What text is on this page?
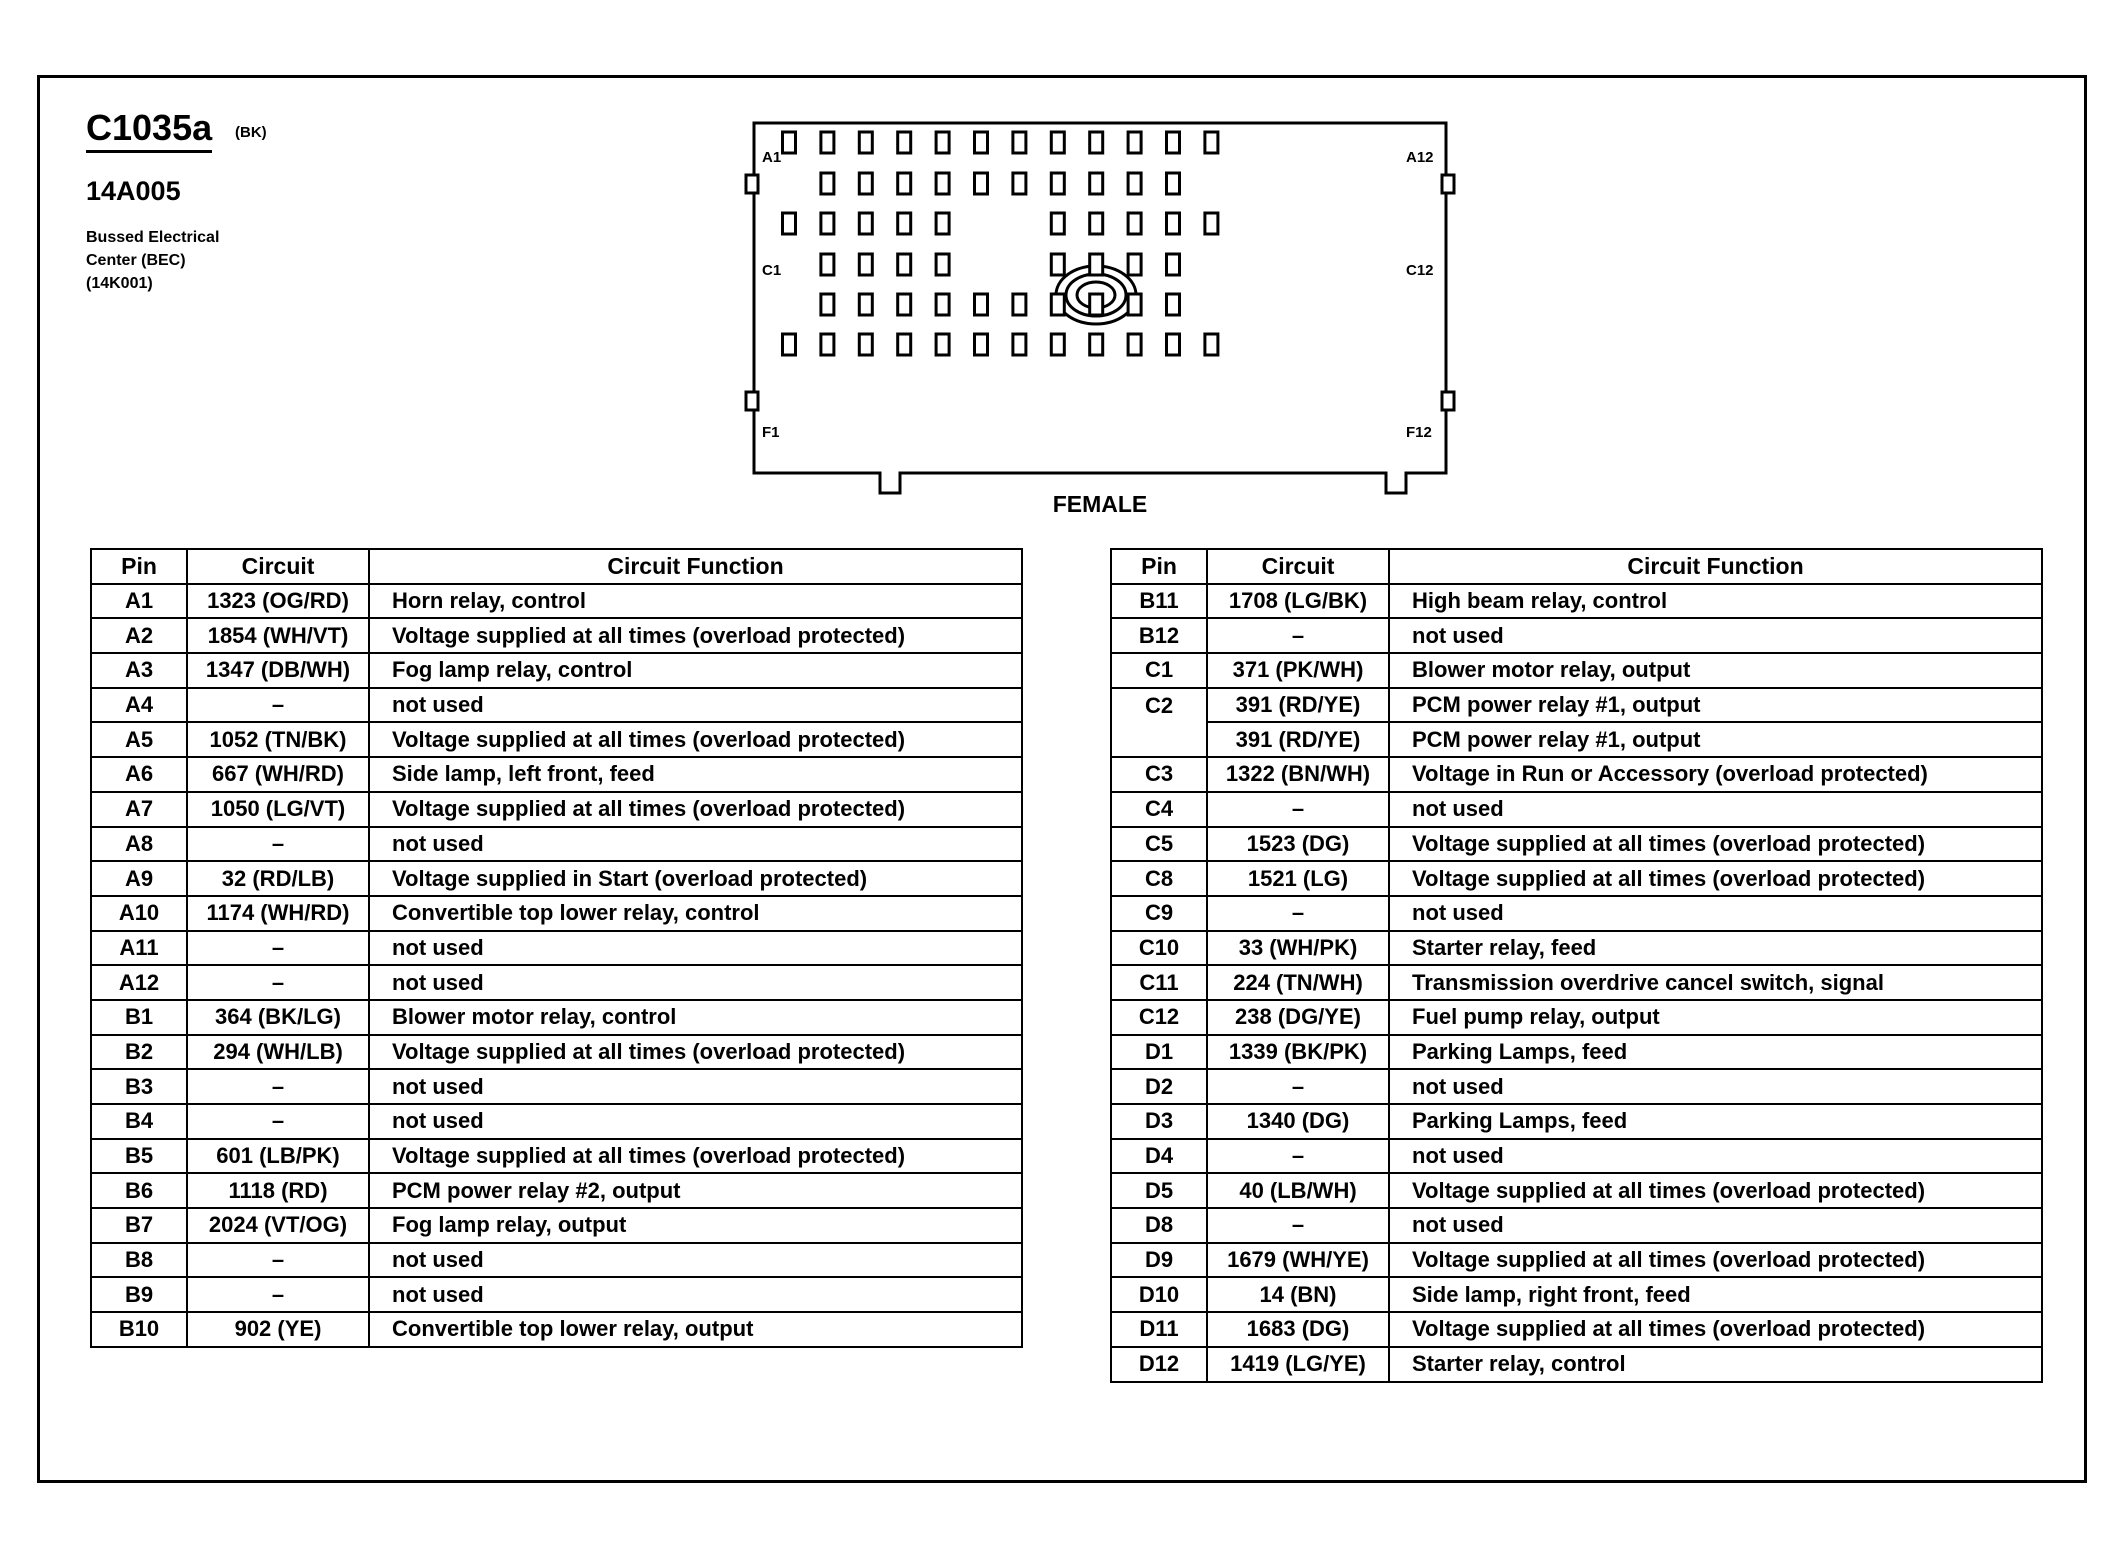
C1035a (BK)
14A005
Bussed Electrical
Center (BEC)
(14K001)
A1	A12
C1	C12
F1	F12
FEMALE
Pin	Circuit	Circuit Function
A1	1323 (OG/RD)	Horn relay, control
A2	1854 (WH/VT)	Voltage supplied at all times (overload protected)
A3	1347 (DB/WH)	Fog lamp relay, control
A4	–	not used
A5	1052 (TN/BK)	Voltage supplied at all times (overload protected)
A6	667 (WH/RD)	Side lamp, left front, feed
A7	1050 (LG/VT)	Voltage supplied at all times (overload protected)
A8	–	not used
A9	32 (RD/LB)	Voltage supplied in Start (overload protected)
A10	1174 (WH/RD)	Convertible top lower relay, control
A11	–	not used
A12	–	not used
B1	364 (BK/LG)	Blower motor relay, control
B2	294 (WH/LB)	Voltage supplied at all times (overload protected)
B3	–	not used
B4	–	not used
B5	601 (LB/PK)	Voltage supplied at all times (overload protected)
B6	1118 (RD)	PCM power relay #2, output
B7	2024 (VT/OG)	Fog lamp relay, output
B8	–	not used
B9	–	not used
B10	902 (YE)	Convertible top lower relay, output
Pin	Circuit	Circuit Function
B11	1708 (LG/BK)	High beam relay, control
B12	–	not used
C1	371 (PK/WH)	Blower motor relay, output
C2	391 (RD/YE)	PCM power relay #1, output
	391 (RD/YE)	PCM power relay #1, output
C3	1322 (BN/WH)	Voltage in Run or Accessory (overload protected)
C4	–	not used
C5	1523 (DG)	Voltage supplied at all times (overload protected)
C8	1521 (LG)	Voltage supplied at all times (overload protected)
C9	–	not used
C10	33 (WH/PK)	Starter relay, feed
C11	224 (TN/WH)	Transmission overdrive cancel switch, signal
C12	238 (DG/YE)	Fuel pump relay, output
D1	1339 (BK/PK)	Parking Lamps, feed
D2	–	not used
D3	1340 (DG)	Parking Lamps, feed
D4	–	not used
D5	40 (LB/WH)	Voltage supplied at all times (overload protected)
D8	–	not used
D9	1679 (WH/YE)	Voltage supplied at all times (overload protected)
D10	14 (BN)	Side lamp, right front, feed
D11	1683 (DG)	Voltage supplied at all times (overload protected)
D12	1419 (LG/YE)	Starter relay, control
